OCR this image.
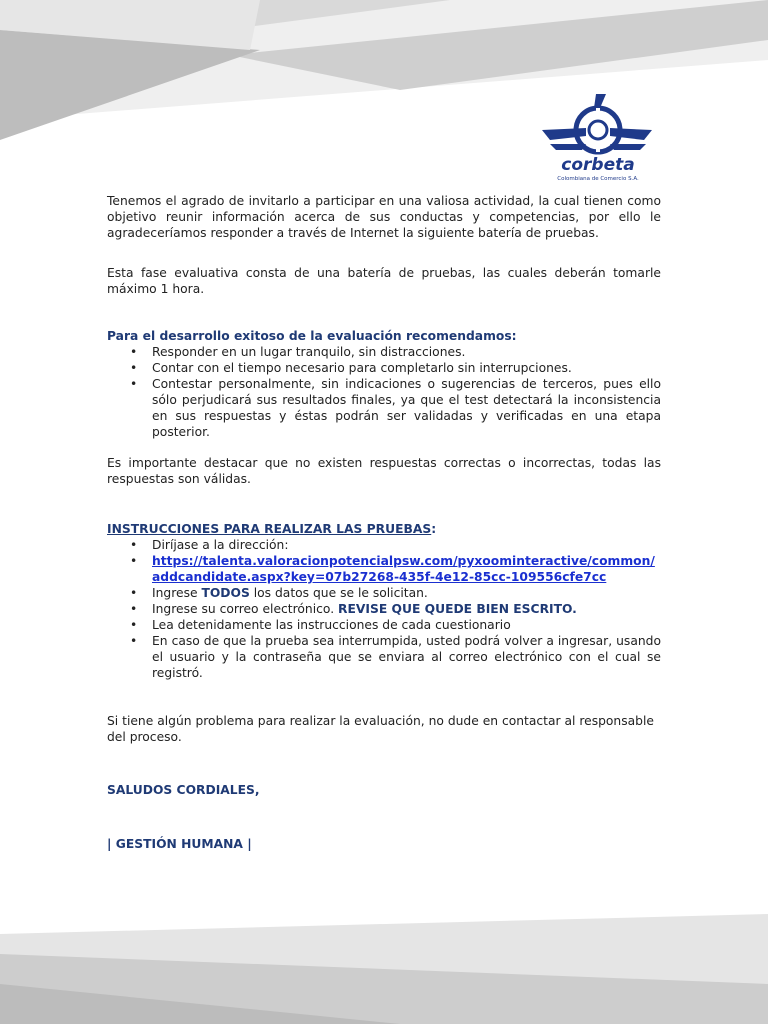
corbeta
Colombiana de Comercio S.A.

Tenemos el agrado de invitarlo a participar en una valiosa actividad, la cual tienen como objetivo reunir información acerca de sus conductas y competencias, por ello le agradeceríamos responder a través de Internet la siguiente batería de pruebas.

Esta fase evaluativa consta de una batería de pruebas, las cuales deberán tomarle máximo 1 hora.

Para el desarrollo exitoso de la evaluación recomendamos:

• Responder en un lugar tranquilo, sin distracciones.
• Contar con el tiempo necesario para completarlo sin interrupciones.
• Contestar personalmente, sin indicaciones o sugerencias de terceros, pues ello sólo perjudicará sus resultados finales, ya que el test detectará la inconsistencia en sus respuestas y éstas podrán ser validadas y verificadas en una etapa posterior.

Es importante destacar que no existen respuestas correctas o incorrectas, todas las respuestas son válidas.

INSTRUCCIONES PARA REALIZAR LAS PRUEBAS:

• Diríjase a la dirección:
• https://talenta.valoracionpotencialpsw.com/pyxoominteractive/common/addcandidate.aspx?key=07b27268-435f-4e12-85cc-109556cfe7cc
• Ingrese TODOS los datos que se le solicitan.
• Ingrese su correo electrónico. REVISE QUE QUEDE BIEN ESCRITO.
• Lea detenidamente las instrucciones de cada cuestionario
• En caso de que la prueba sea interrumpida, usted podrá volver a ingresar, usando el usuario y la contraseña que se enviara al correo electrónico con el cual se registró.

Si tiene algún problema para realizar la evaluación, no dude en contactar al responsable del proceso.

SALUDOS CORDIALES,

| GESTIÓN HUMANA |
